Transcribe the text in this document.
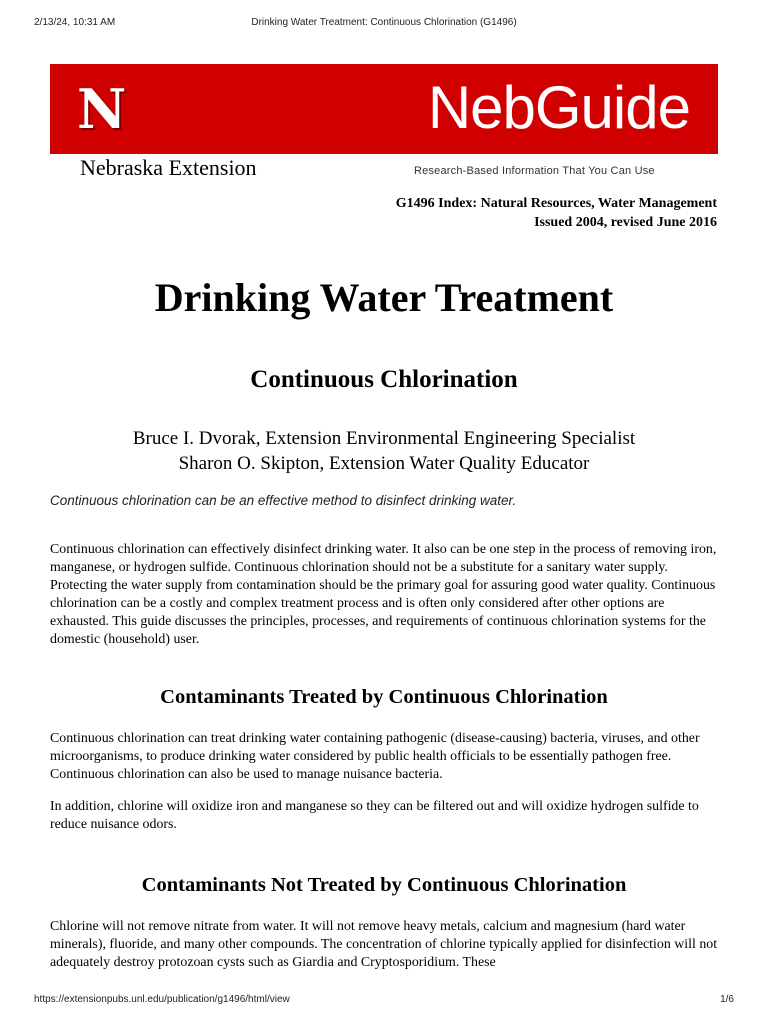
2/13/24, 10:31 AM	Drinking Water Treatment: Continuous Chlorination (G1496)
N	NebGuide
Nebraska Extension	Research-Based Information That You Can Use
G1496 Index: Natural Resources, Water Management
Issued 2004, revised June 2016
Drinking Water Treatment
Continuous Chlorination
Bruce I. Dvorak, Extension Environmental Engineering Specialist
Sharon O. Skipton, Extension Water Quality Educator
Continuous chlorination can be an effective method to disinfect drinking water.

Continuous chlorination can effectively disinfect drinking water. It also can be one step in the process of removing iron, manganese, or hydrogen sulfide. Continuous chlorination should not be a substitute for a sanitary water supply. Protecting the water supply from contamination should be the primary goal for assuring good water quality. Continuous chlorination can be a costly and complex treatment process and is often only considered after other options are exhausted. This guide discusses the principles, processes, and requirements of continuous chlorination systems for the domestic (household) user.

Contaminants Treated by Continuous Chlorination

Continuous chlorination can treat drinking water containing pathogenic (disease-causing) bacteria, viruses, and other microorganisms, to produce drinking water considered by public health officials to be essentially pathogen free. Continuous chlorination can also be used to manage nuisance bacteria.

In addition, chlorine will oxidize iron and manganese so they can be filtered out and will oxidize hydrogen sulfide to reduce nuisance odors.

Contaminants Not Treated by Continuous Chlorination

Chlorine will not remove nitrate from water. It will not remove heavy metals, calcium and magnesium (hard water minerals), fluoride, and many other compounds. The concentration of chlorine typically applied for disinfection will not adequately destroy protozoan cysts such as Giardia and Cryptosporidium. These

https://extensionpubs.unl.edu/publication/g1496/html/view	1/6
